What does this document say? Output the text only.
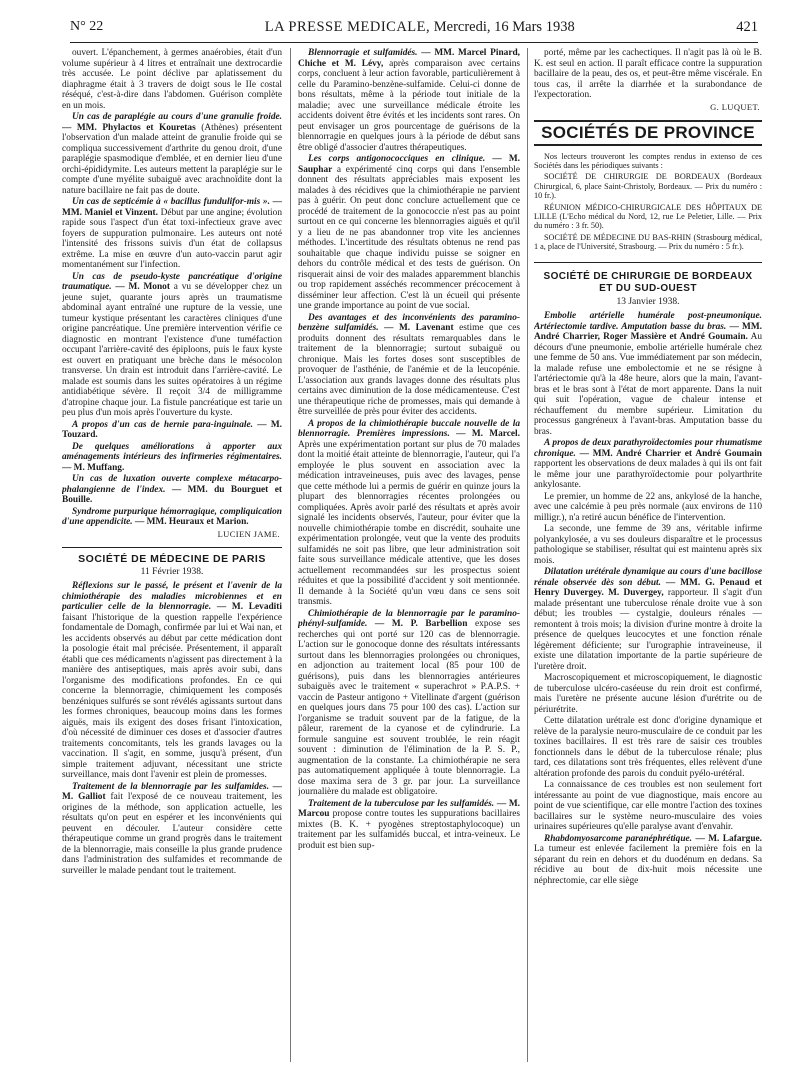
N° 22	LA PRESSE MEDICALE, Mercredi, 16 Mars 1938	421

ouvert. L'épanchement, à germes anaérobies, était d'un volume supérieur à 4 litres et entraînait une dextrocardie très accusée. Le point déclive par aplatissement du diaphragme était à 3 travers de doigt sous le IIe costal réséqué, c'est-à-dire dans l'abdomen. Guérison complète en un mois.

Un cas de paraplégie au cours d'une granulie froide. — MM. Phylactos et Kouretas (Athènes) présentent l'observation d'un malade atteint de granulie froide qui se compliqua successivement d'arthrite du genou droit, d'une paraplégie spasmodique d'emblée, et en dernier lieu d'une orchi-épididymite. Les auteurs mettent la paraplégie sur le compte d'une myélite subaiguë avec arachnoïdite dont la nature bacillaire ne fait pas de doute.

Un cas de septicémie à « bacillus fundulifor-mis ». — MM. Maniel et Vinzent. Début par une angine; évolution rapide sous l'aspect d'un état toxi-infectieux grave avec foyers de suppuration pulmonaire. Les auteurs ont noté l'intensité des frissons suivis d'un état de collapsus extrême. La mise en œuvre d'un auto-vaccin parut agir momentanément sur l'infection.

Un cas de pseudo-kyste pancréatique d'origine traumatique. — M. Monot a vu se développer chez un jeune sujet, quarante jours après un traumatisme abdominal ayant entraîné une rupture de la vessie, une tumeur kystique présentant les caractères cliniques d'une origine pancréatique. Une première intervention vérifie ce diagnostic en montrant l'existence d'une tuméfaction occupant l'arrière-cavité des épiploons, puis le faux kyste est ouvert en pratiquant une brèche dans le mésocolon transverse. Un drain est introduit dans l'arrière-cavité. Le malade est soumis dans les suites opératoires à un régime antidiabétique sévère. Il reçoit 3/4 de milligramme d'atropine chaque jour. La fistule pancréatique est tarie un peu plus d'un mois après l'ouverture du kyste.

A propos d'un cas de hernie para-inguinale. — M. Touzard.

De quelques améliorations à apporter aux aménagements intérieurs des infirmeries régimentaires. — M. Muffang.

Un cas de luxation ouverte complexe métacarpo-phalangienne de l'index. — MM. du Bourguet et Bouille.

Syndrome purpurique hémorragique, compliquication d'une appendicite. — MM. Heuraux et Marion.

LUCIEN JAME.

SOCIÉTÉ DE MÉDECINE DE PARIS
11 Février 1938.

Réflexions sur le passé, le présent et l'avenir de la chimiothérapie des maladies microbiennes et en particulier celle de la blennorragie. — M. Levaditi faisant l'historique de la question rappelle l'expérience fondamentale de Domagh, confirmée par lui et Wai nan, et les accidents observés au début par cette médication dont la posologie était mal précisée. Présentement, il apparaît établi que ces médicaments n'agissent pas directement à la manière des antiseptiques, mais après avoir subi, dans l'organisme des modifications profondes. En ce qui concerne la blennorragie, chimiquement les composés benzéniques sulfurés se sont révélés agissants surtout dans les formes chroniques, beaucoup moins dans les formes aiguës, mais ils exigent des doses frisant l'intoxication, d'où nécessité de diminuer ces doses et d'associer d'autres traitements concomitants, tels les grands lavages ou la vaccination. Il s'agit, en somme, jusqu'à présent, d'un simple traitement adjuvant, nécessitant une stricte surveillance, mais dont l'avenir est plein de promesses.

Traitement de la blennorragie par les sulfamides. — M. Galliot fait l'exposé de ce nouveau traitement, les origines de la méthode, son application actuelle, les résultats qu'on peut en espérer et les inconvénients qui peuvent en découler. L'auteur considère cette thérapeutique comme un grand progrès dans le traitement de la blennorragie, mais conseille la plus grande prudence dans l'administration des sulfamides et recommande de surveiller le malade pendant tout le traitement.

Blennorragie et sulfamidés. — MM. Marcel Pinard, Chiche et M. Lévy, après comparaison avec certains corps, concluent à leur action favorable, particulièrement à celle du Paramino-benzène-sulfamide. Celui-ci donne de bons résultats, même à la période tout initiale de la maladie; avec une surveillance médicale étroite les accidents doivent être évités et les incidents sont rares. On peut envisager un gros pourcentage de guérisons de la blennorragie en quelques jours à la période de début sans être obligé d'associer d'autres thérapeutiques.

Les corps antigonococciques en clinique. — M. Sauphar a expérimenté cinq corps qui dans l'ensemble donnent des résultats appréciables mais exposent les malades à des récidives que la chimiothérapie ne parvient pas à guérir. On peut donc conclure actuellement que ce procédé de traitement de la gonococcie n'est pas au point surtout en ce qui concerne les blennorragies aiguës et qu'il y a lieu de ne pas abandonner trop vite les anciennes méthodes. L'incertitude des résultats obtenus ne rend pas souhaitable que chaque individu puisse se soigner en dehors du contrôle médical et des tests de guérison. On risquerait ainsi de voir des malades apparemment blanchis ou trop rapidement asséchés recommencer précocement à disséminer leur affection. C'est là un écueil qui présente une grande importance au point de vue social.

Des avantages et des inconvénients des paramino-benzène sulfamidés. — M. Lavenant estime que ces produits donnent des résultats remarquables dans le traitement de la blennorragie; surtout subaiguë ou chronique. Mais les fortes doses sont susceptibles de provoquer de l'asthénie, de l'anémie et de la leucopénie. L'association aux grands lavages donne des résultats plus certains avec diminution de la dose médicamenteuse. C'est une thérapeutique riche de promesses, mais qui demande à être surveillée de près pour éviter des accidents.

A propos de la chimiothérapie buccale nouvelle de la blennorragie. Premières impressions. — M. Marcel. Après une expérimentation portant sur plus de 70 malades dont la moitié était atteinte de blennorragie, l'auteur, qui l'a employée le plus souvent en association avec la médication intraveineuses, puis avec des lavages, pense que cette méthode lui a permis de guérir en quinze jours la plupart des blennorragies récentes prolongées ou compliquées. Après avoir parlé des résultats et après avoir signalé les incidents observés, l'auteur, pour éviter que la nouvelle chimiothérapie tombe en discrédit, souhaite une expérimentation prolongée, veut que la vente des produits sulfamidés ne soit pas libre, que leur administration soit faite sous surveillance médicale attentive, que les doses actuellement recommandées sur les prospectus soient réduites et que la possibilité d'accident y soit mentionnée. Il demande à la Société qu'un vœu dans ce sens soit transmis.

Chimiothérapie de la blennorragie par le paramino-phényl-sulfamide. — M. P. Barbellion expose ses recherches qui ont porté sur 120 cas de blennorragie. L'action sur le gonocoque donne des résultats intéressants surtout dans les blennorragies prolongées ou chroniques, en adjonction au traitement local (85 pour 100 de guérisons), puis dans les blennorragies antérieures subaiguës avec le traitement « superachrot » P.A.P.S. + vaccin de Pasteur antigono + Vitellinate d'argent (guérison en quelques jours dans 75 pour 100 des cas). L'action sur l'organisme se traduit souvent par de la fatigue, de la pâleur, rarement de la cyanose et de cylindrurie. La formule sanguine est souvent troublée, le rein réagit souvent : diminution de l'élimination de la P. S. P., augmentation de la constante. La chimiothérapie ne sera pas automatiquement appliquée à toute blennorragie. La dose maxima sera de 3 gr. par jour. La surveillance journalière du malade est obligatoire.

Traitement de la tuberculose par les sulfamidés. — M. Marcou propose contre toutes les suppurations bacillaires mixtes (B. K. + pyogènes streptostaphylocoque) un traitement par les sulfamidés buccal, et intra-veineux. Le produit est bien sup-

porté, même par les cachectiques. Il n'agit pas là où le B. K. est seul en action. Il paraît efficace contre la suppuration bacillaire de la peau, des os, et peut-être même viscérale. En tous cas, il arrête la diarrhée et la surabondance de l'expectoration.

G. LUQUET.

SOCIÉTÉS DE PROVINCE

Nos lecteurs trouveront les comptes rendus in extenso de ces Sociétés dans les périodiques suivants :

SOCIÉTÉ DE CHIRURGIE DE BORDEAUX (Bordeaux Chirurgical, 6, place Saint-Christoly, Bordeaux. — Prix du numéro : 10 fr.).

RÉUNION MÉDICO-CHIRURGICALE DES HÔPITAUX DE LILLE (L'Echo médical du Nord, 12, rue Le Peletier, Lille. — Prix du numéro : 3 fr. 50).

SOCIÉTÉ DE MÉDECINE DU BAS-RHIN (Strasbourg médical, 1 a, place de l'Université, Strasbourg. — Prix du numéro : 5 fr.).

SOCIÉTÉ DE CHIRURGIE DE BORDEAUX
ET DU SUD-OUEST
13 Janvier 1938.

Embolie artérielle humérale post-pneumonique. Artériectomie tardive. Amputation basse du bras. — MM. André Charrier, Roger Massière et André Goumain. Au décours d'une pneumonie, embolie artérielle humérale chez une femme de 50 ans. Vue immédiatement par son médecin, la malade refuse une embolectomie et ne se résigne à l'artériectomie qu'à la 48e heure, alors que la main, l'avant-bras et le bras sont à l'état de mort apparente. Dans la nuit qui suit l'opération, vague de chaleur intense et réchauffement du membre supérieur. Limitation du processus gangréneux à l'avant-bras. Amputation basse du bras.

A propos de deux parathyroïdectomies pour rhumatisme chronique. — MM. André Charrier et André Goumain rapportent les observations de deux malades à qui ils ont fait le même jour une parathyroïdectomie pour polyarthrite ankylosante.

Le premier, un homme de 22 ans, ankylosé de la hanche, avec une calcémie à peu près normale (aux environs de 110 milligr.), n'a retiré aucun bénéfice de l'intervention.

La seconde, une femme de 39 ans, véritable infirme polyankylosée, a vu ses douleurs disparaître et le processus pathologique se stabiliser, résultat qui est maintenu après six mois.

Dilatation urétérale dynamique au cours d'une bacillose rénale observée dès son début. — MM. G. Penaud et Henry Duvergey. M. Duvergey, rapporteur. Il s'agit d'un malade présentant une tuberculose rénale droite vue à son début; les troubles — cystalgie, douleurs rénales — remontent à trois mois; la division d'urine montre à droite la présence de quelques leucocytes et une fonction rénale légèrement déficiente; sur l'urographie intraveineuse, il existe une dilatation importante de la partie supérieure de l'uretère droit.

Macroscopiquement et microscopiquement, le diagnostic de tuberculose ulcéro-caséeuse du rein droit est confirmé, mais l'uretère ne présente aucune lésion d'urétrite ou de périurétrite.

Cette dilatation urétrale est donc d'origine dynamique et relève de la paralysie neuro-musculaire de ce conduit par les toxines bacillaires. Il est très rare de saisir ces troubles fonctionnels dans le début de la tuberculose rénale; plus tard, ces dilatations sont très fréquentes, elles relèvent d'une altération profonde des parois du conduit pyélo-urétéral.

La connaissance de ces troubles est non seulement fort intéressante au point de vue diagnostique, mais encore au point de vue scientifique, car elle montre l'action des toxines bacillaires sur le système neuro-musculaire des voies urinaires supérieures qu'elle paralyse avant d'envahir.

Rhabdomyosarcome paranéphrétique. — M. Lafargue. La tumeur est enlevée facilement la première fois en la séparant du rein en dehors et du duodénum en dedans. Sa récidive au bout de dix-huit mois nécessite une néphrectomie, car elle siège
